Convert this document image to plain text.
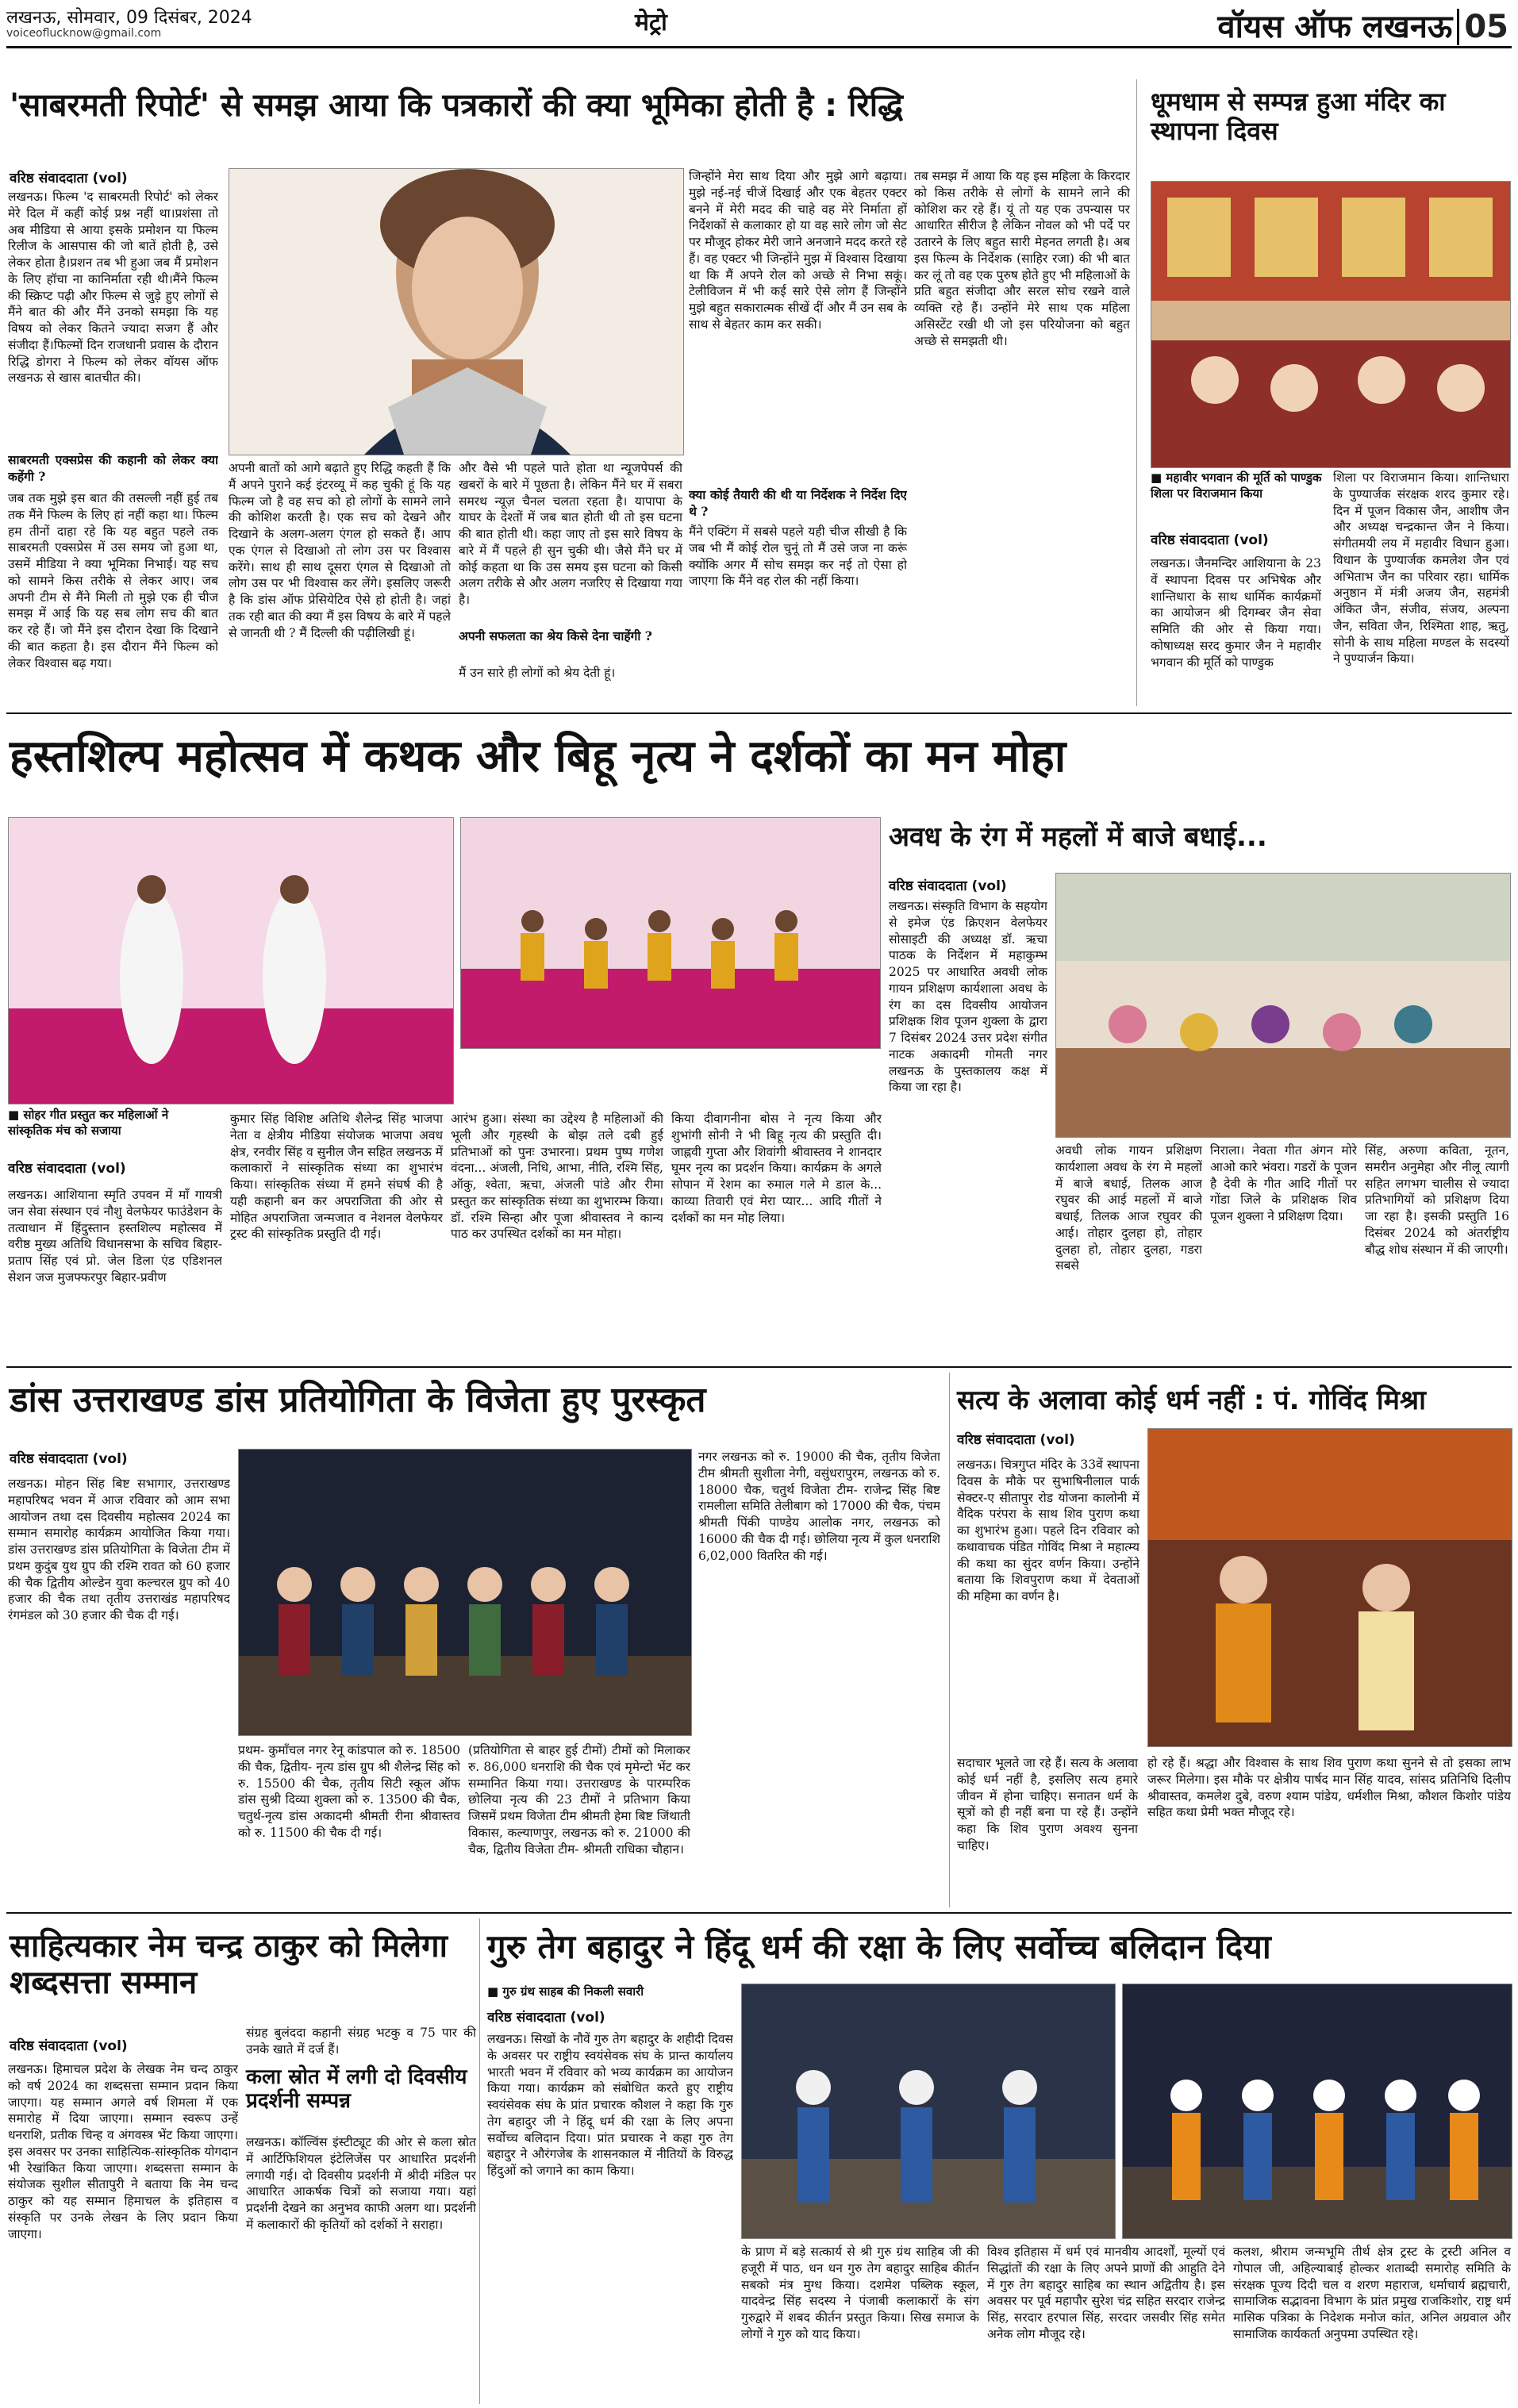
लखनऊ, सोमवार, 09 दिसंबर, 2024
voiceoflucknow@gmail.com	मेट्रो	वॉयस ऑफ लखनऊ 05
'साबरमती रिपोर्ट' से समझ आया कि पत्रकारों की क्या भूमिका होती है : रिद्धि
वरिष्ठ संवाददाता (vol)
लखनऊ। फिल्म 'द साबरमती रिपोर्ट' को लेकर मेरे दिल में कहीं कोई प्रश्न नहीं था।प्रशंसा तो अब मीडिया से आया इसके प्रमोशन या फिल्म रिलीज के आसपास की जो बातें होती है, उसे लेकर होता है।प्रशन तब भी हुआ जब मैं प्रमोशन के लिए हॉचा ना कानिर्माता रही थी।मैंने फिल्म की स्क्रिप्ट पढ़ी और फिल्म से जुड़े हुए लोगों से मैंने बात की और मैंने उनको समझा कि यह विषय को लेकर कितने ज्यादा सजग हैं और संजीदा हैं।फिल्मों दिन राजधानी प्रवास के दौरान रिद्धि डोगरा ने फिल्म को लेकर वॉयस ऑफ लखनऊ से खास बातचीत की।
साबरमती एक्सप्रेस की कहानी को लेकर क्या कहेंगी ?
जब तक मुझे इस बात की तसल्ली नहीं हुई तब तक मैंने फिल्म के लिए हां नहीं कहा था। फिल्म हम तीनों दाहा रहे कि यह बहुत पहले तक साबरमती एक्सप्रेस में उस समय जो हुआ था, उसमें मीडिया ने क्या भूमिका निभाई। यह सच को सामने किस तरीके से लेकर आए। जब अपनी टीम से मैंने मिली तो मुझे एक ही चीज समझ में आई कि यह सब लोग सच की बात कर रहे हैं। जो मैंने इस दौरान देखा कि दिखाने की बात कहता है। इस दौरान मैंने फिल्म को लेकर विश्वास बढ़ गया।
अपनी बातों को आगे बढ़ाते हुए रिद्धि कहती हैं कि मैं अपने पुराने कई इंटरव्यू में कह चुकी हूं कि यह फिल्म जो है वह सच को हो लोगों के सामने लाने की कोशिश करती है। एक सच को देखने और दिखाने के अलग-अलग एंगल हो सकते हैं। आप एक एंगल से दिखाओ तो लोग उस पर विश्वास करेंगे। साथ ही साथ दूसरा एंगल से दिखाओ तो लोग उस पर भी विश्वास कर लेंगे। इसलिए जरूरी है कि डांस ऑफ प्रेसियेटिव ऐसे हो होती है। जहां तक रही बात की क्या मैं इस विषय के बारे में पहले से जानती थी ? मैं दिल्ली की पढ़ीलिखी हूं।
और वैसे भी पहले पाते होता था न्यूजपेपर्स की खबरों के बारे में पूछता है। लेकिन मैंने घर में सबरा समरथ न्यूज़ चैनल चलता रहता है। यापापा के याघर के देश्तों में जब बात होती थी तो इस घटना की बात होती थी। कहा जाए तो इस सारे विषय के बारे में मैं पहले ही सुन चुकी थी। जैसे मैंने घर में कोई कहता था कि उस समय इस घटना को किसी अलग तरीके से और अलग नजरिए से दिखाया गया है।
अपनी सफलता का श्रेय किसे देना चाहेंगी ?
मैं उन सारे ही लोगों को श्रेय देती हूं।
जिन्होंने मेरा साथ दिया और मुझे आगे बढ़ाया। मुझे नई-नई चीजें दिखाई और एक बेहतर एक्टर बनने में मेरी मदद की चाहे वह मेरे निर्माता हों निर्देशकों से कलाकार हो या वह सारे लोग जो सेट पर मौजूद होकर मेरी जाने अनजाने मदद करते रहे हैं। वह एक्टर भी जिन्होंने मुझ में विश्वास दिखाया था कि मैं अपने रोल को अच्छे से निभा सकूं। टेलीविजन में भी कई सारे ऐसे लोग हैं जिन्होंने मुझे बहुत सकारात्मक सीखें दीं और मैं उन सब के साथ से बेहतर काम कर सकी।
क्या कोई तैयारी की थी या निर्देशक ने निर्देश दिए थे ?
मैंने एक्टिंग में सबसे पहले यही चीज सीखी है कि जब भी मैं कोई रोल चुनूं तो मैं उसे जज ना करूं क्योंकि अगर मैं सोच समझ कर नई तो ऐसा हो जाएगा कि मैंने वह रोल की नहीं किया।
तब समझ में आया कि यह इस महिला के किरदार को किस तरीके से लोगों के सामने लाने की कोशिश कर रहे हैं। यूं तो यह एक उपन्यास पर आधारित सीरीज है लेकिन नोवल को भी पर्दे पर उतारने के लिए बहुत सारी मेहनत लगती है। अब इस फिल्म के निर्देशक (साहिर रजा) की भी बात कर लूं तो वह एक पुरुष होते हुए भी महिलाओं के प्रति बहुत संजीदा और सरल सोच रखने वाले व्यक्ति रहे हैं। उन्होंने मेरे साथ एक महिला असिस्टेंट रखी थी जो इस परियोजना को बहुत अच्छे से समझती थी।
धूमधाम से सम्पन्न हुआ मंदिर का स्थापना दिवस
■ महावीर भगवान की मूर्ति को पाण्डुक शिला पर विराजमान किया
वरिष्ठ संवाददाता (vol)
लखनऊ। जैनमन्दिर आशियाना के 23 वें स्थापना दिवस पर अभिषेक और शान्तिधारा के साथ धार्मिक कार्यक्रमों का आयोजन श्री दिगम्बर जैन सेवा समिति की ओर से किया गया। कोषाध्यक्ष सरद कुमार जैन ने महावीर भगवान की मूर्ति को पाण्डुक
शिला पर विराजमान किया। शान्तिधारा के पुण्यार्जक संरक्षक शरद कुमार रहे। दिन में पूजन विकास जैन, आशीष जैन और अध्यक्ष चन्द्रकान्त जैन ने किया। संगीतमयी लय में महावीर विधान हुआ। विधान के पुण्यार्जक कमलेश जैन एवं अभिताभ जैन का परिवार रहा। धार्मिक अनुष्ठान में मंत्री अजय जैन, सहमंत्री अंकित जैन, संजीव, संजय, अल्पना जैन, सविता जैन, रिश्मिता शाह, ऋतु, सोनी के साथ महिला मण्डल के सदस्यों ने पुण्यार्जन किया।
हस्तशिल्प महोत्सव में कथक और बिहू नृत्य ने दर्शकों का मन मोहा
■ सोहर गीत प्रस्तुत कर महिलाओं ने सांस्कृतिक मंच को सजाया
वरिष्ठ संवाददाता (vol)
लखनऊ। आशियाना स्मृति उपवन में माँ गायत्री जन सेवा संस्थान एवं नौशु वेलफेयर फाउंडेशन के तत्वाधान में हिंदुस्तान हस्तशिल्प महोत्सव में वरीष्ठ मुख्य अतिथि विधानसभा के सचिव बिहार-प्रताप सिंह एवं प्रो. जेल डिला एंड एडिशनल सेशन जज मुजफ्फरपुर बिहार-प्रवीण
कुमार सिंह विशिष्ट अतिथि शैलेन्द्र सिंह भाजपा नेता व क्षेत्रीय मीडिया संयोजक भाजपा अवध क्षेत्र, रनवीर सिंह व सुनील जैन सहित लखनऊ में कलाकारों ने सांस्कृतिक संध्या का शुभारंभ किया। सांस्कृतिक संध्या में हमने संघर्ष की है यही कहानी बन कर अपराजिता की ओर से मोहित अपराजिता जन्मजात व नेशनल वेलफेयर ट्रस्ट की सांस्कृतिक प्रस्तुति दी गई।
आरंभ हुआ। संस्था का उद्देश्य है महिलाओं की भूली और गृहस्थी के बोझ तले दबी हुई प्रतिभाओं को पुनः उभारना। प्रथम पुष्प गणेश वंदना... अंजली, निधि, आभा, नीति, रश्मि सिंह, ऑकु, श्वेता, ऋचा, अंजली पांडे और रीमा प्रस्तुत कर सांस्कृतिक संध्या का शुभारम्भ किया। डॉ. रश्मि सिन्हा और पूजा श्रीवास्तव ने कान्य पाठ कर उपस्थित दर्शकों का मन मोहा।
किया दीवागनीना बोस ने नृत्य किया और शुभांगी सोनी ने भी बिहू नृत्य की प्रस्तुति दी। जाह्नवी गुप्ता और शिवांगी श्रीवास्तव ने शानदार घूमर नृत्य का प्रदर्शन किया। कार्यक्रम के अगले सोपान में रेशम का रुमाल गले मे डाल के... काव्या तिवारी एवं मेरा प्यार... आदि गीतों ने दर्शकों का मन मोह लिया।
अवध के रंग में महलों में बाजे बधाई...
वरिष्ठ संवाददाता (vol)
लखनऊ। संस्कृति विभाग के सहयोग से इमेज एंड क्रिएशन वेलफेयर सोसाइटी की अध्यक्ष डॉ. ऋचा पाठक के निर्देशन में महाकुम्भ 2025 पर आधारित अवधी लोक गायन प्रशिक्षण कार्यशाला अवध के रंग का दस दिवसीय आयोजन प्रशिक्षक शिव पूजन शुक्ला के द्वारा 7 दिसंबर 2024 उत्तर प्रदेश संगीत नाटक अकादमी गोमती नगर लखनऊ के पुस्तकालय कक्ष में किया जा रहा है।
अवधी लोक गायन प्रशिक्षण कार्यशाला अवध के रंग मे महलों में बाजे बधाई, तिलक आज रघुवर की आई महलों में बाजे बधाई, तिलक आज रघुवर की आई। तोहार दुलहा हो, तोहार दुलहा हो, तोहार दुलहा, गडरा सबसे
निराला। नेवता गीत अंगन मोरे आओ कारे भंवरा। गडरों के पूजन है देवी के गीत आदि गीतों पर गोंडा जिले के प्रशिक्षक शिव पूजन शुक्ला ने प्रशिक्षण दिया।
सिंह, अरुणा कविता, नूतन, समरीन अनुमेहा और नीलू त्यागी सहित लगभग चालीस से ज्यादा प्रतिभागियों को प्रशिक्षण दिया जा रहा है। इसकी प्रस्तुति 16 दिसंबर 2024 को अंतर्राष्ट्रीय बौद्ध शोध संस्थान में की जाएगी।
डांस उत्तराखण्ड डांस प्रतियोगिता के विजेता हुए पुरस्कृत
वरिष्ठ संवाददाता (vol)
लखनऊ। मोहन सिंह बिष्ट सभागार, उत्तराखण्ड महापरिषद भवन में आज रविवार को आम सभा आयोजन तथा दस दिवसीय महोत्सव 2024 का सम्मान समारोह कार्यक्रम आयोजित किया गया। डांस उत्तराखण्ड डांस प्रतियोगिता के विजेता टीम में प्रथम कुदुंब युथ ग्रुप की रश्मि रावत को 60 हजार की चैक द्वितीय ओल्डेन युवा कल्चरल ग्रुप को 40 हजार की चैक तथा तृतीय उत्तराखंड महापरिषद रंगमंडल को 30 हजार की चैक दी गई।
प्रथम- कुमाँचल नगर रेनू कांडपाल को रु. 18500 की चैक, द्वितीय- नृत्य डांस ग्रुप श्री शैलेन्द्र सिंह को रु. 15500 की चैक, तृतीय सिटी स्कूल ऑफ डांस सुश्री दिव्या शुक्ला को रु. 13500 की चैक, चतुर्थ-नृत्य डांस अकादमी श्रीमती रीना श्रीवास्तव को रु. 11500 की चैक दी गई।
(प्रतियोगिता से बाहर हुई टीमों) टीमों को मिलाकर रु. 86,000 धनराशि की चैक एवं मृमेन्टो भेंट कर सम्मानित किया गया। उत्तराखण्ड के पारम्परिक छोलिया नृत्य की 23 टीमों ने प्रतिभाग किया जिसमें प्रथम विजेता टीम श्रीमती हेमा बिष्ट जिंथाती विकास, कल्याणपुर, लखनऊ को रु. 21000 की चैक, द्वितीय विजेता टीम- श्रीमती राधिका चौहान।
नगर लखनऊ को रु. 19000 की चैक, तृतीय विजेता टीम श्रीमती सुशीला नेगी, वसुंधरापुरम, लखनऊ को रु. 18000 चैक, चतुर्थ विजेता टीम- राजेन्द्र सिंह बिष्ट रामलीला समिति तेलीबाग को 17000 की चैक, पंचम श्रीमती पिंकी पाण्डेय आलोक नगर, लखनऊ को 16000 की चैक दी गई। छोलिया नृत्य में कुल धनराशि 6,02,000 वितरित की गई।
सत्य के अलावा कोई धर्म नहीं : पं. गोविंद मिश्रा
वरिष्ठ संवाददाता (vol)
लखनऊ। चित्रगुप्त मंदिर के 33वें स्थापना दिवस के मौके पर सुभाषिनीलाल पार्क सेक्टर-ए सीतापुर रोड योजना कालोनी में वैदिक परंपरा के साथ शिव पुराण कथा का शुभारंभ हुआ। पहले दिन रविवार को कथावाचक पंडित गोविंद मिश्रा ने महात्म्य की कथा का सुंदर वर्णन किया। उन्होंने बताया कि शिवपुराण कथा में देवताओं की महिमा का वर्णन है।
सदाचार भूलते जा रहे हैं। सत्य के अलावा कोई धर्म नहीं है, इसलिए सत्य हमारे जीवन में होना चाहिए। सनातन धर्म के सूत्रों को ही नहीं बना पा रहे हैं। उन्होंने कहा कि शिव पुराण अवश्य सुनना चाहिए।
हो रहे हैं। श्रद्धा और विश्वास के साथ शिव पुराण कथा सुनने से तो इसका लाभ जरूर मिलेगा। इस मौके पर क्षेत्रीय पार्षद मान सिंह यादव, सांसद प्रतिनिधि दिलीप श्रीवास्तव, कमलेश दुबे, वरुण श्याम पांडेय, धर्मशील मिश्रा, कौशल किशोर पांडेय सहित कथा प्रेमी भक्त मौजूद रहे।
साहित्यकार नेम चन्द्र ठाकुर को मिलेगा शब्दसत्ता सम्मान
वरिष्ठ संवाददाता (vol)
लखनऊ। हिमाचल प्रदेश के लेखक नेम चन्द ठाकुर को वर्ष 2024 का शब्दसत्ता सम्मान प्रदान किया जाएगा। यह सम्मान अगले वर्ष शिमला में एक समारोह में दिया जाएगा। सम्मान स्वरूप उन्हें धनराशि, प्रतीक चिन्ह व अंगवस्त्र भेंट किया जाएगा। इस अवसर पर उनका साहित्यिक-सांस्कृतिक योगदान भी रेखांकित किया जाएगा। शब्दसत्ता सम्मान के संयोजक सुशील सीतापुरी ने बताया कि नेम चन्द ठाकुर को यह सम्मान हिमाचल के इतिहास व संस्कृति पर उनके लेखन के लिए प्रदान किया जाएगा।
संग्रह बुलंददा कहानी संग्रह भटकु व 75 पार की उनके खाते में दर्ज हैं।
कला स्रोत में लगी दो दिवसीय प्रदर्शनी सम्पन्न
लखनऊ। कॉल्विंस इंस्टीट्यूट की ओर से कला स्रोत में आर्टिफिशियल इंटेलिजेंस पर आधारित प्रदर्शनी लगायी गई। दो दिवसीय प्रदर्शनी में श्रीदी मंडिल पर आधारित आकर्षक चित्रों को सजाया गया। यहां प्रदर्शनी देखने का अनुभव काफी अलग था। प्रदर्शनी में कलाकारों की कृतियों को दर्शकों ने सराहा।
गुरु तेग बहादुर ने हिंदू धर्म की रक्षा के लिए सर्वोच्च बलिदान दिया
■ गुरु ग्रंथ साहब की निकली सवारी
वरिष्ठ संवाददाता (vol)
लखनऊ। सिखों के नौवें गुरु तेग बहादुर के शहीदी दिवस के अवसर पर राष्ट्रीय स्वयंसेवक संघ के प्रान्त कार्यालय भारती भवन में रविवार को भव्य कार्यक्रम का आयोजन किया गया। कार्यक्रम को संबोधित करते हुए राष्ट्रीय स्वयंसेवक संघ के प्रांत प्रचारक कौशल ने कहा कि गुरु तेग बहादुर जी ने हिंदू धर्म की रक्षा के लिए अपना सर्वोच्च बलिदान दिया। प्रांत प्रचारक ने कहा गुरु तेग बहादुर ने औरंगजेब के शासनकाल में नीतियों के विरुद्ध हिंदुओं को जगाने का काम किया।
के प्राण में बड़े सत्कार्य से श्री गुरु ग्रंथ साहिब जी की हजूरी में पाठ, धन धन गुरु तेग बहादुर साहिब कीर्तन सबको मंत्र मुग्ध किया। दशमेश पब्लिक स्कूल, यादवेन्द्र सिंह सदस्य ने पंजाबी कलाकारों के संग गुरुद्वारे में शबद कीर्तन प्रस्तुत किया। सिख समाज के लोगों ने गुरु को याद किया।
विश्व इतिहास में धर्म एवं मानवीय आदर्शों, मूल्यों एवं सिद्धांतों की रक्षा के लिए अपने प्राणों की आहुति देने में गुरु तेग बहादुर साहिब का स्थान अद्वितीय है। इस अवसर पर पूर्व महापौर सुरेश चंद्र सहित सरदार राजेन्द्र सिंह, सरदार हरपाल सिंह, सरदार जसवीर सिंह समेत अनेक लोग मौजूद रहे।
कलश, श्रीराम जन्मभूमि तीर्थ क्षेत्र ट्रस्ट के ट्रस्टी अनिल व गोपाल जी, अहिल्याबाई होल्कर शताब्दी समारोह समिति के संरक्षक पूज्य दिदी चल व शरण महाराज, धर्माचार्य ब्रह्मचारी, सामाजिक सद्भावना विभाग के प्रांत प्रमुख राजकिशोर, राष्ट्र धर्म मासिक पत्रिका के निदेशक मनोज कांत, अनिल अग्रवाल और सामाजिक कार्यकर्ता अनुपमा उपस्थित रहे।
